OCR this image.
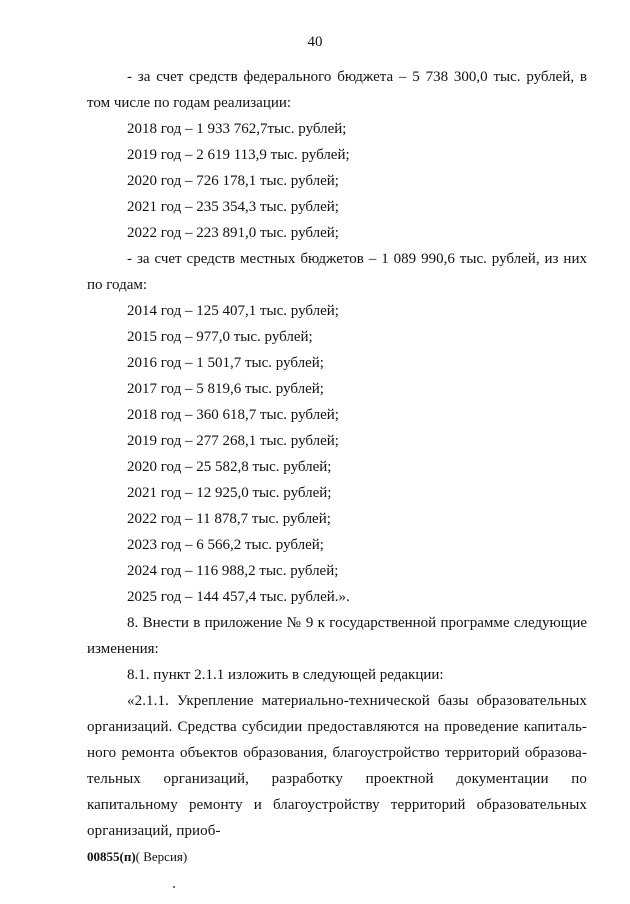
40

- за счет средств федерального бюджета – 5 738 300,0 тыс. рублей, в том числе по годам реализации:

2018 год – 1 933 762,7тыс. рублей;

2019 год – 2 619 113,9 тыс. рублей;

2020 год – 726 178,1 тыс. рублей;

2021 год – 235 354,3 тыс. рублей;

2022 год – 223 891,0 тыс. рублей;

- за счет средств местных бюджетов – 1 089 990,6 тыс. рублей, из них по годам:

2014 год – 125 407,1 тыс. рублей;

2015 год – 977,0 тыс. рублей;

2016 год – 1 501,7 тыс. рублей;

2017 год – 5 819,6 тыс. рублей;

2018 год – 360 618,7 тыс. рублей;

2019 год – 277 268,1 тыс. рублей;

2020 год – 25 582,8 тыс. рублей;

2021 год – 12 925,0 тыс. рублей;

2022 год – 11 878,7 тыс. рублей;

2023 год – 6 566,2 тыс. рублей;

2024 год – 116 988,2 тыс. рублей;

2025 год – 144 457,4 тыс. рублей.».

8. Внести в приложение № 9 к государственной программе следующие изменения:

8.1. пункт 2.1.1 изложить в следующей редакции:

«2.1.1. Укрепление материально-технической базы образовательных организаций. Средства субсидии предоставляются на проведение капиталь-ного ремонта объектов образования, благоустройство территорий образова-тельных организаций, разработку проектной документации по капитальному ремонту и благоустройству территорий образовательных организаций, приоб-

00855(п)( Версия)
